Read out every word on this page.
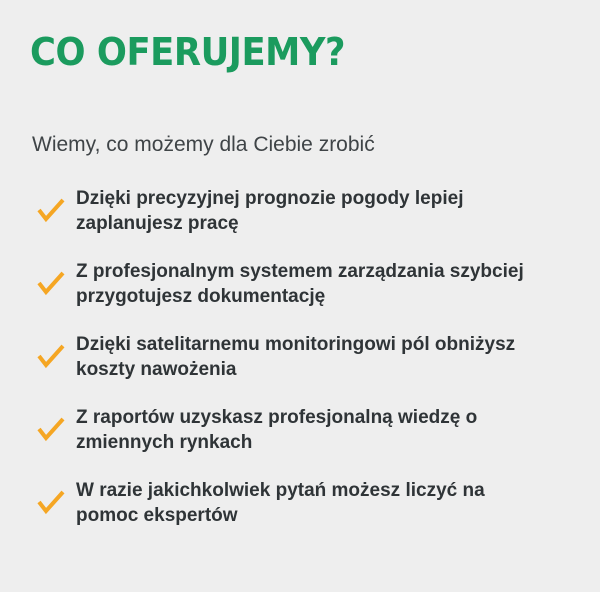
CO OFERUJEMY?

Wiemy, co możemy dla Ciebie zrobić

Dzięki precyzyjnej prognozie pogody lepiej zaplanujesz pracę
Z profesjonalnym systemem zarządzania szybciej przygotujesz dokumentację
Dzięki satelitarnemu monitoringowi pól obniżysz koszty nawożenia
Z raportów uzyskasz profesjonalną wiedzę o zmiennych rynkach
W razie jakichkolwiek pytań możesz liczyć na pomoc ekspertów
